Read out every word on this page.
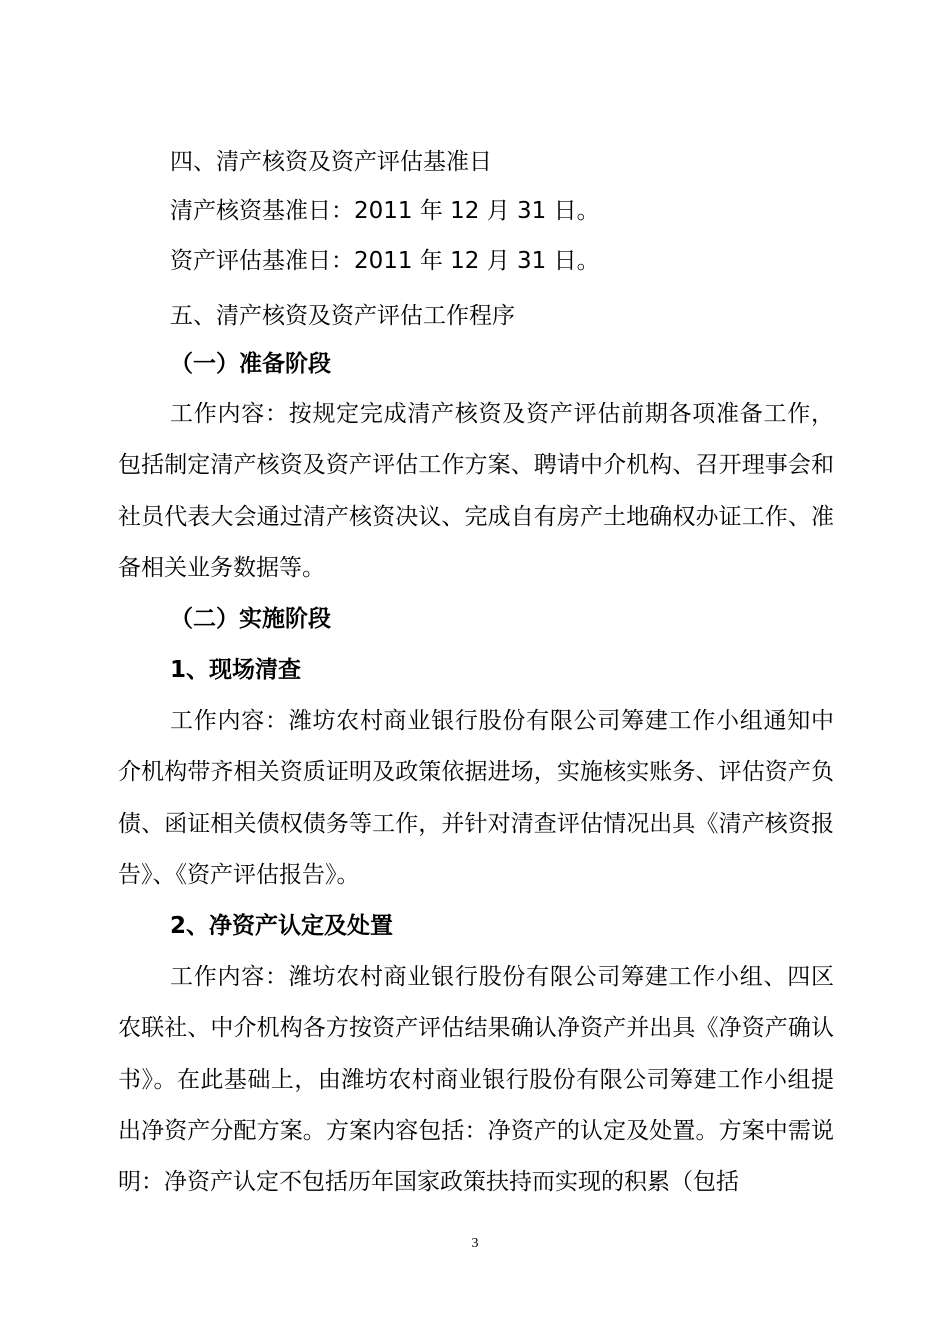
四、清产核资及资产评估基准日
清产核资基准日：2011 年 12 月 31 日。
资产评估基准日：2011 年 12 月 31 日。
五、清产核资及资产评估工作程序
（一）准备阶段

工作内容：按规定完成清产核资及资产评估前期各项准备工作，包括制定清产核资及资产评估工作方案、聘请中介机构、召开理事会和社员代表大会通过清产核资决议、完成自有房产土地确权办证工作、准备相关业务数据等。

（二）实施阶段
1、现场清查

工作内容：潍坊农村商业银行股份有限公司筹建工作小组通知中介机构带齐相关资质证明及政策依据进场，实施核实账务、评估资产负债、函证相关债权债务等工作，并针对清查评估情况出具《清产核资报告》、《资产评估报告》。

2、净资产认定及处置

工作内容：潍坊农村商业银行股份有限公司筹建工作小组、四区农联社、中介机构各方按资产评估结果确认净资产并出具《净资产确认书》。在此基础上，由潍坊农村商业银行股份有限公司筹建工作小组提出净资产分配方案。方案内容包括：净资产的认定及处置。方案中需说明：净资产认定不包括历年国家政策扶持而实现的积累（包括

3
